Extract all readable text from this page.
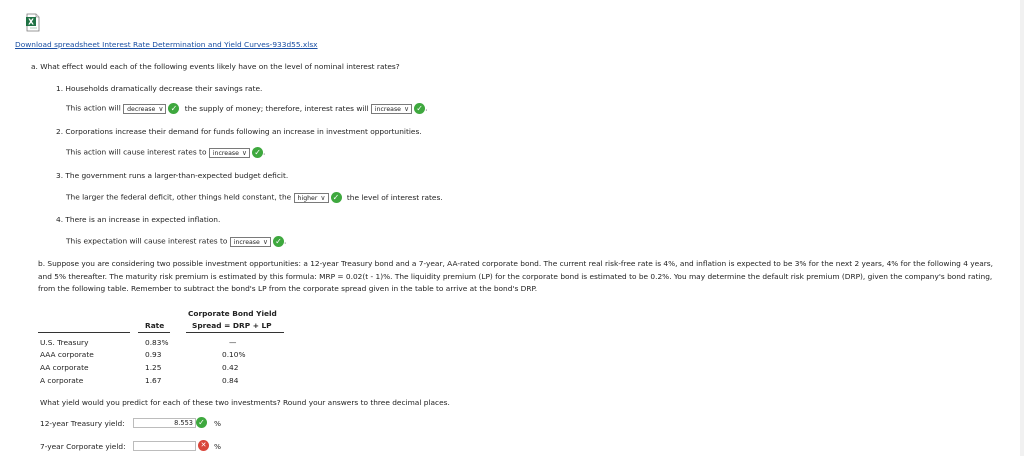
X
Download spreadsheet Interest Rate Determination and Yield Curves-933d55.xlsx
a. What effect would each of the following events likely have on the level of nominal interest rates?
1. Households dramatically decrease their savings rate.
This action will decrease ∨ ✓ the supply of money; therefore, interest rates will increase ∨ ✓ .
2. Corporations increase their demand for funds following an increase in investment opportunities.
This action will cause interest rates to increase ∨ ✓ .
3. The government runs a larger-than-expected budget deficit.
The larger the federal deficit, other things held constant, the higher ∨ ✓ the level of interest rates.
4. There is an increase in expected inflation.
This expectation will cause interest rates to increase ∨ ✓ .
b. Suppose you are considering two possible investment opportunities: a 12-year Treasury bond and a 7-year, AA-rated corporate bond. The current real risk-free rate is 4%, and inflation is expected to be 3% for the next 2 years, 4% for the following 4 years, and 5% thereafter. The maturity risk premium is estimated by this formula: MRP = 0.02(t - 1)%. The liquidity premium (LP) for the corporate bond is estimated to be 0.2%. You may determine the default risk premium (DRP), given the company's bond rating, from the following table. Remember to subtract the bond's LP from the corporate spread given in the table to arrive at the bond's DRP.
Rate
Corporate Bond Yield
Spread = DRP + LP
U.S. Treasury	0.83%	—
AAA corporate	0.93	0.10%
AA corporate	1.25	0.42
A corporate	1.67	0.84
What yield would you predict for each of these two investments? Round your answers to three decimal places.
12-year Treasury yield:	8.553 ✓ %
7-year Corporate yield:	✕	%
